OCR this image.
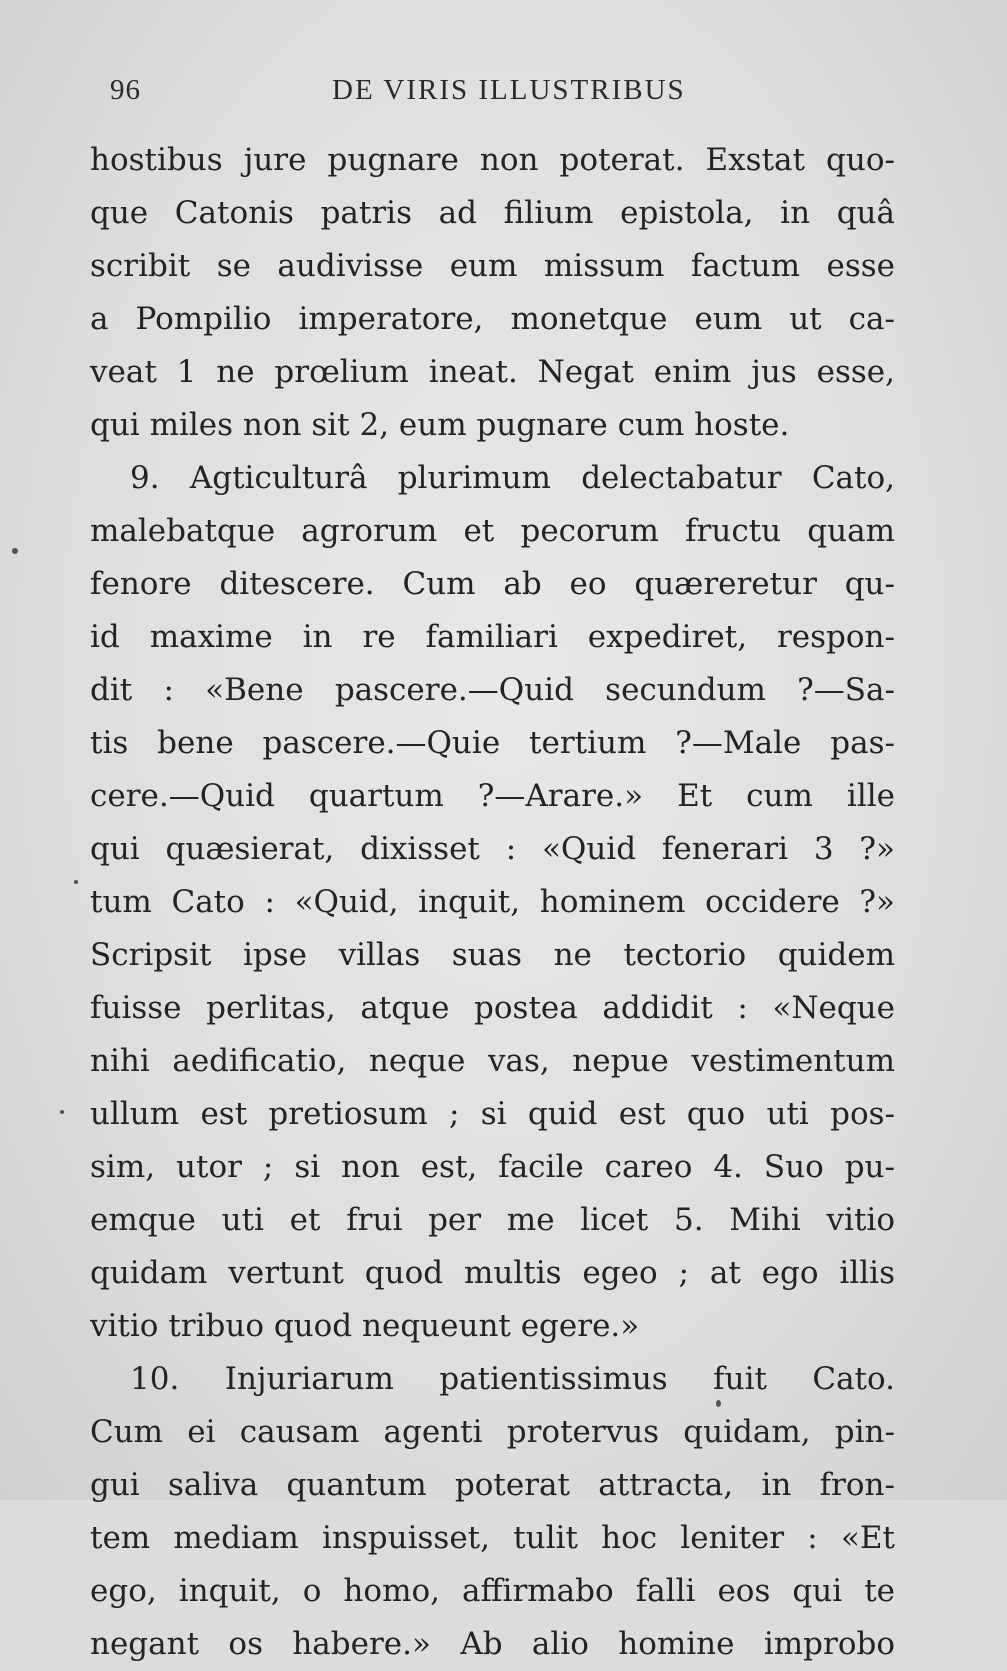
96	DE VIRIS ILLUSTRIBUS
hostibus jure pugnare non poterat. Exstat quo-
que Catonis patris ad filium epistola, in quâ
scribit se audivisse eum missum factum esse
a Pompilio imperatore, monetque eum ut ca-
veat 1 ne prœlium ineat. Negat enim jus esse,
qui miles non sit 2, eum pugnare cum hoste.
9. Agticulturâ plurimum delectabatur Cato,
malebatque agrorum et pecorum fructu quam
fenore ditescere. Cum ab eo quæreretur qu-
id maxime in re familiari expediret, respon-
dit : «Bene pascere.—Quid secundum ?—Sa-
tis bene pascere.—Quie tertium ?—Male pas-
cere.—Quid quartum ?—Arare.» Et cum ille
qui quæsierat, dixisset : «Quid fenerari 3 ?»
tum Cato : «Quid, inquit, hominem occidere ?»
Scripsit ipse villas suas ne tectorio quidem
fuisse perlitas, atque postea addidit : «Neque
nihi aedificatio, neque vas, nepue vestimentum
ullum est pretiosum ; si quid est quo uti pos-
sim, utor ; si non est, facile careo 4. Suo pu-
emque uti et frui per me licet 5. Mihi vitio
quidam vertunt quod multis egeo ; at ego illis
vitio tribuo quod nequeunt egere.»
10. Injuriarum patientissimus fuit Cato.
Cum ei causam agenti protervus quidam, pin-
gui saliva quantum poterat attracta, in fron-
tem mediam inspuisset, tulit hoc leniter : «Et
ego, inquit, o homo, affirmabo falli eos qui te
negant os habere.» Ab alio homine improbo
